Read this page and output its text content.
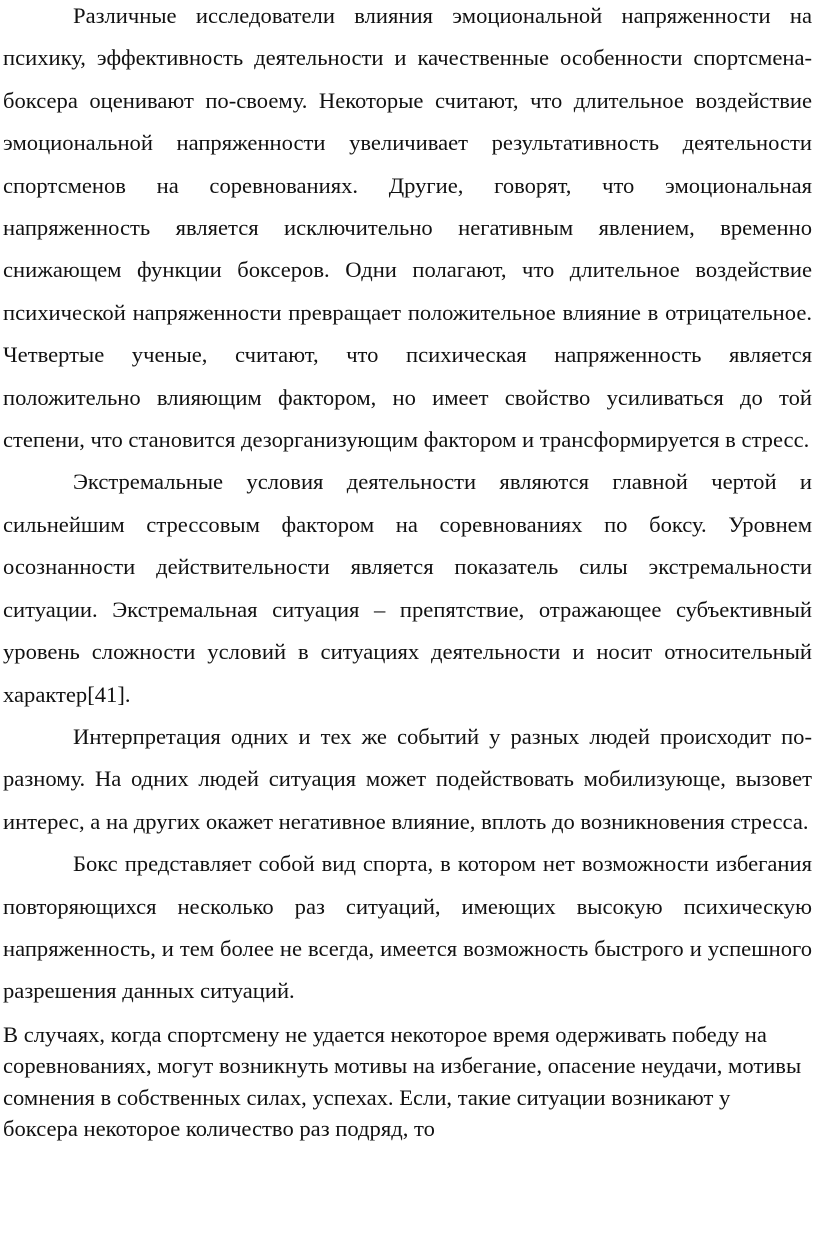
Различные исследователи влияния эмоциональной напряженности на психику, эффективность деятельности и качественные особенности спортсмена-боксера оценивают по-своему. Некоторые считают, что длительное воздействие эмоциональной напряженности увеличивает результативность деятельности спортсменов на соревнованиях. Другие, говорят, что эмоциональная напряженность является исключительно негативным явлением, временно снижающем функции боксеров. Одни полагают, что длительное воздействие психической напряженности превращает положительное влияние в отрицательное. Четвертые ученые, считают, что психическая напряженность является положительно влияющим фактором, но имеет свойство усиливаться до той степени, что становится дезорганизующим фактором и трансформируется в стресс.

Экстремальные условия деятельности являются главной чертой и сильнейшим стрессовым фактором на соревнованиях по боксу. Уровнем осознанности действительности является показатель силы экстремальности ситуации. Экстремальная ситуация – препятствие, отражающее субъективный уровень сложности условий в ситуациях деятельности и носит относительный характер[41].

Интерпретация одних и тех же событий у разных людей происходит по-разному. На одних людей ситуация может подействовать мобилизующе, вызовет интерес, а на других окажет негативное влияние, вплоть до возникновения стресса.

Бокс представляет собой вид спорта, в котором нет возможности избегания повторяющихся несколько раз ситуаций, имеющих высокую психическую напряженность, и тем более не всегда, имеется возможность быстрого и успешного разрешения данных ситуаций.

В случаях, когда спортсмену не удается некоторое время одерживать победу на соревнованиях, могут возникнуть мотивы на избегание, опасение неудачи, мотивы сомнения в собственных силах, успехах. Если, такие ситуации возникают у боксера некоторое количество раз подряд, то
